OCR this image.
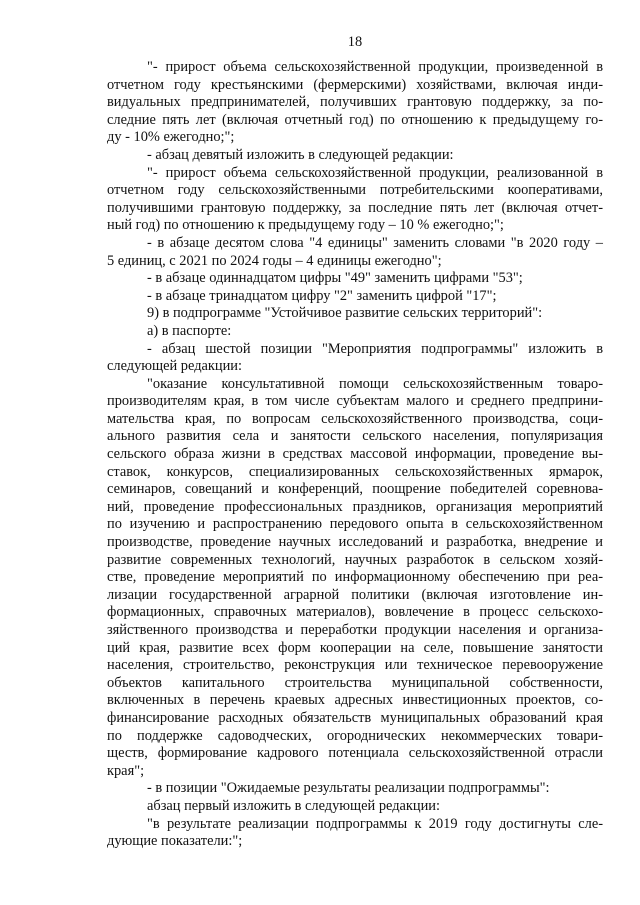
18
"- прирост объема сельскохозяйственной продукции, произведенной в
отчетном году крестьянскими (фермерскими) хозяйствами, включая инди-
видуальных предпринимателей, получивших грантовую поддержку, за по-
следние пять лет (включая отчетный год) по отношению к предыдущему го-
ду - 10% ежегодно;";
- абзац девятый изложить в следующей редакции:
"- прирост объема сельскохозяйственной продукции, реализованной в
отчетном году сельскохозяйственными потребительскими кооперативами,
получившими грантовую поддержку, за последние пять лет (включая отчет-
ный год) по отношению к предыдущему году – 10 % ежегодно;";
- в абзаце десятом слова "4 единицы" заменить словами "в 2020 году –
5 единиц, с 2021 по 2024 годы – 4 единицы ежегодно";
- в абзаце одиннадцатом цифры "49" заменить цифрами "53";
- в абзаце тринадцатом цифру "2" заменить цифрой "17";
9) в подпрограмме "Устойчивое развитие сельских территорий":
а) в паспорте:
- абзац шестой позиции "Мероприятия подпрограммы" изложить в
следующей редакции:
"оказание консультативной помощи сельскохозяйственным товаро-
производителям края, в том числе субъектам малого и среднего предприни-
мательства края, по вопросам сельскохозяйственного производства, соци-
ального развития села и занятости сельского населения, популяризация
сельского образа жизни в средствах массовой информации, проведение вы-
ставок, конкурсов, специализированных сельскохозяйственных ярмарок,
семинаров, совещаний и конференций, поощрение победителей соревнова-
ний, проведение профессиональных праздников, организация мероприятий
по изучению и распространению передового опыта в сельскохозяйственном
производстве, проведение научных исследований и разработка, внедрение и
развитие современных технологий, научных разработок в сельском хозяй-
стве, проведение мероприятий по информационному обеспечению при реа-
лизации государственной аграрной политики (включая изготовление ин-
формационных, справочных материалов), вовлечение в процесс сельскохо-
зяйственного производства и переработки продукции населения и организа-
ций края, развитие всех форм кооперации на селе, повышение занятости
населения, строительство, реконструкция или техническое перевооружение
объектов капитального строительства муниципальной собственности,
включенных в перечень краевых адресных инвестиционных проектов, со-
финансирование расходных обязательств муниципальных образований края
по поддержке садоводческих, огороднических некоммерческих товари-
ществ, формирование кадрового потенциала сельскохозяйственной отрасли
края";
- в позиции "Ожидаемые результаты реализации подпрограммы":
абзац первый изложить в следующей редакции:
"в результате реализации подпрограммы к 2019 году достигнуты сле-
дующие показатели:";
